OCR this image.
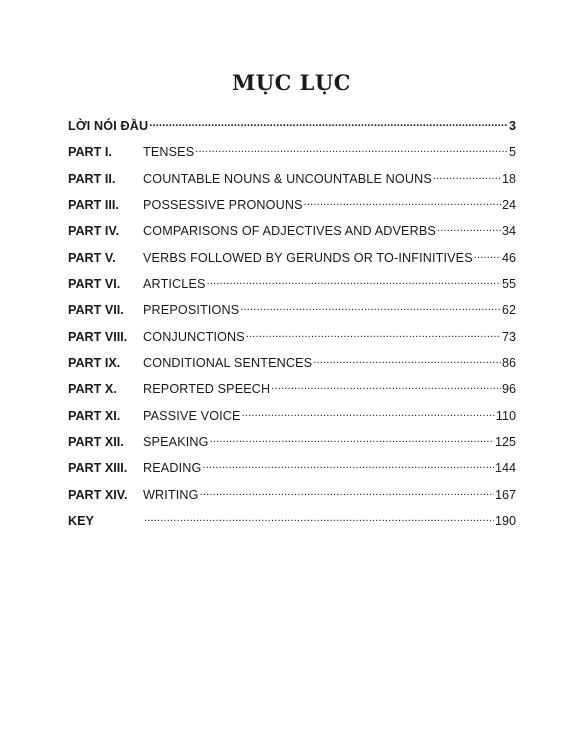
MỤC LỤC
LỜI NÓI ĐẦU .....	3
PART I.	TENSES .....	5
PART II.	COUNTABLE NOUNS & UNCOUNTABLE NOUNS .....	18
PART III.	POSSESSIVE PRONOUNS .....	24
PART IV.	COMPARISONS OF ADJECTIVES AND ADVERBS .....	34
PART V.	VERBS FOLLOWED BY GERUNDS OR TO-INFINITIVES ..... 46
PART VI.	ARTICLES .....	55
PART VII.	PREPOSITIONS .....	62
PART VIII.	CONJUNCTIONS .....	73
PART IX.	CONDITIONAL SENTENCES .....	86
PART X.	REPORTED SPEECH .....	96
PART XI.	PASSIVE VOICE .....	110
PART XII.	SPEAKING .....	125
PART XIII.	READING .....	144
PART XIV.	WRITING .....	167
KEY .....	190
